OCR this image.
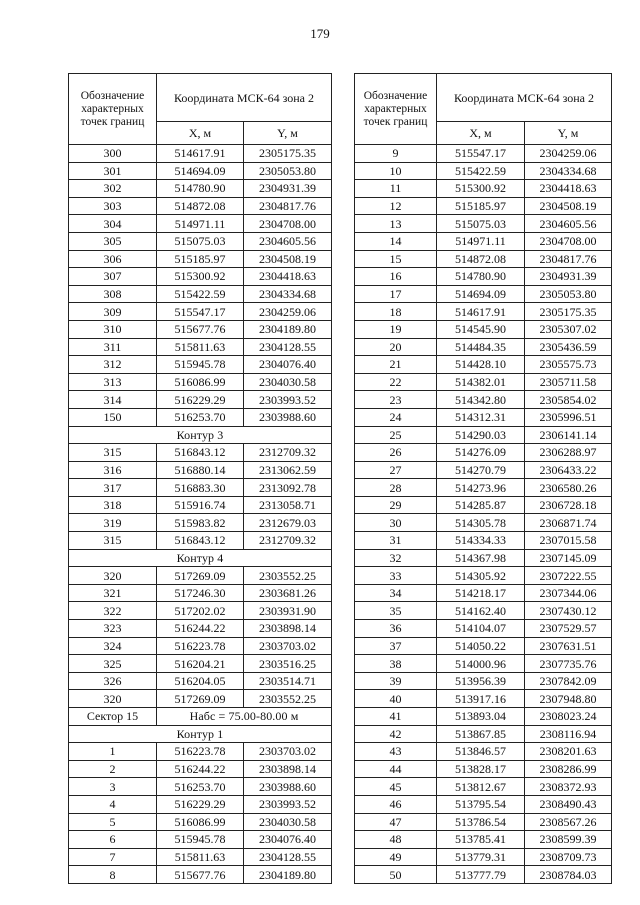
179
Обозначение характерных точек границ	Координата МСК-64 зона 2	
	X, м	Y, м
300	514617.91	2305175.35
301	514694.09	2305053.80
302	514780.90	2304931.39
303	514872.08	2304817.76
304	514971.11	2304708.00
305	515075.03	2304605.56
306	515185.97	2304508.19
307	515300.92	2304418.63
308	515422.59	2304334.68
309	515547.17	2304259.06
310	515677.76	2304189.80
311	515811.63	2304128.55
312	515945.78	2304076.40
313	516086.99	2304030.58
314	516229.29	2303993.52
150	516253.70	2303988.60
Контур 3		
315	516843.12	2312709.32
316	516880.14	2313062.59
317	516883.30	2313092.78
318	515916.74	2313058.71
319	515983.82	2312679.03
315	516843.12	2312709.32
Контур 4		
320	517269.09	2303552.25
321	517246.30	2303681.26
322	517202.02	2303931.90
323	516244.22	2303898.14
324	516223.78	2303703.02
325	516204.21	2303516.25
326	516204.05	2303514.71
320	517269.09	2303552.25
Сектор 15	Набс = 75.00-80.00 м	
Контур 1		
1	516223.78	2303703.02
2	516244.22	2303898.14
3	516253.70	2303988.60
4	516229.29	2303993.52
5	516086.99	2304030.58
6	515945.78	2304076.40
7	515811.63	2304128.55
8	515677.76	2304189.80
Обозначение характерных точек границ	Координата МСК-64 зона 2	
	X, м	Y, м
9	515547.17	2304259.06
10	515422.59	2304334.68
11	515300.92	2304418.63
12	515185.97	2304508.19
13	515075.03	2304605.56
14	514971.11	2304708.00
15	514872.08	2304817.76
16	514780.90	2304931.39
17	514694.09	2305053.80
18	514617.91	2305175.35
19	514545.90	2305307.02
20	514484.35	2305436.59
21	514428.10	2305575.73
22	514382.01	2305711.58
23	514342.80	2305854.02
24	514312.31	2305996.51
25	514290.03	2306141.14
26	514276.09	2306288.97
27	514270.79	2306433.22
28	514273.96	2306580.26
29	514285.87	2306728.18
30	514305.78	2306871.74
31	514334.33	2307015.58
32	514367.98	2307145.09
33	514305.92	2307222.55
34	514218.17	2307344.06
35	514162.40	2307430.12
36	514104.07	2307529.57
37	514050.22	2307631.51
38	514000.96	2307735.76
39	513956.39	2307842.09
40	513917.16	2307948.80
41	513893.04	2308023.24
42	513867.85	2308116.94
43	513846.57	2308201.63
44	513828.17	2308286.99
45	513812.67	2308372.93
46	513795.54	2308490.43
47	513786.54	2308567.26
48	513785.41	2308599.39
49	513779.31	2308709.73
50	513777.79	2308784.03
